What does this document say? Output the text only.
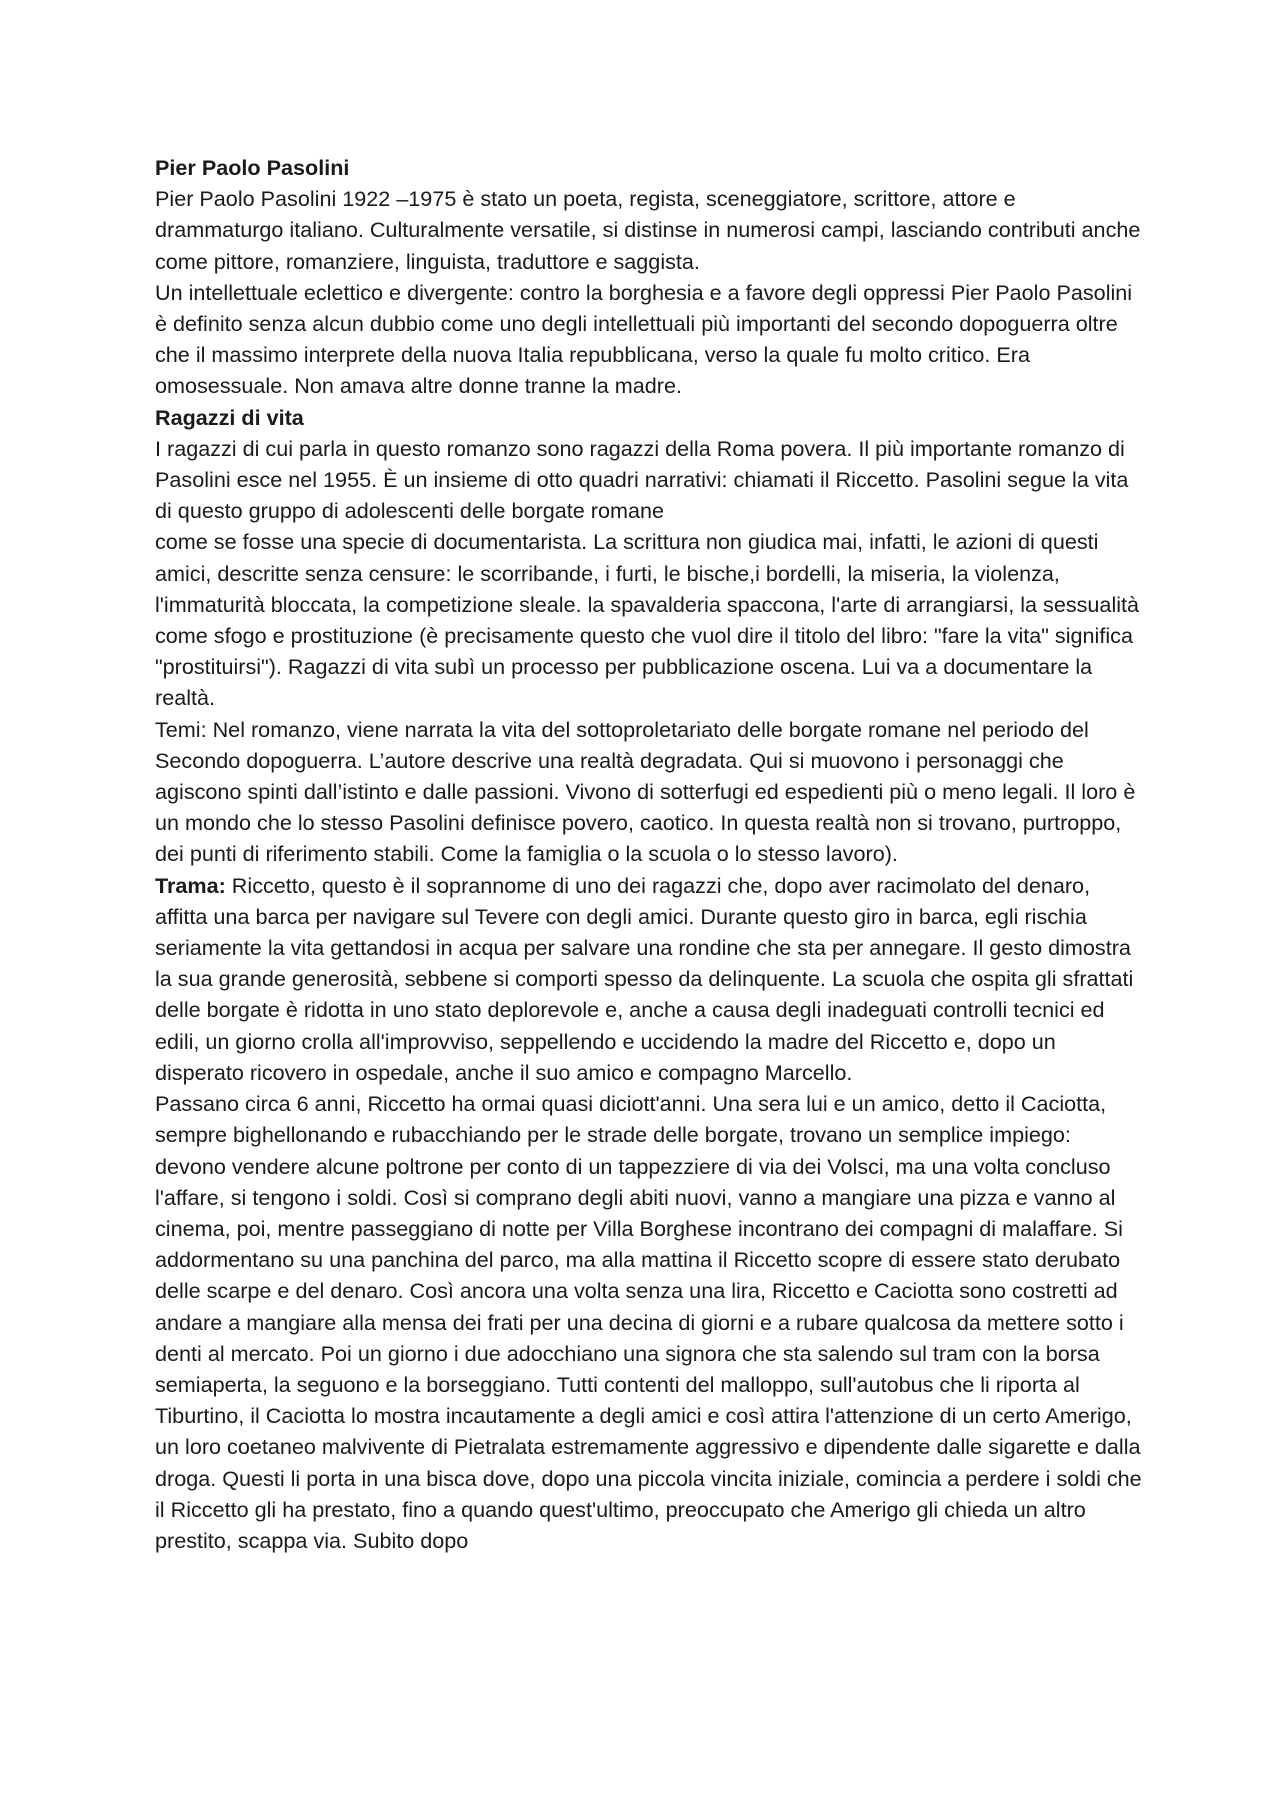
Pier Paolo Pasolini

Pier Paolo Pasolini 1922 –1975 è stato un poeta, regista, sceneggiatore, scrittore, attore e drammaturgo italiano. Culturalmente versatile, si distinse in numerosi campi, lasciando contributi anche come pittore, romanziere, linguista, traduttore e saggista.

Un intellettuale eclettico e divergente: contro la borghesia e a favore degli oppressi Pier Paolo Pasolini è definito senza alcun dubbio come uno degli intellettuali più importanti del secondo dopoguerra oltre che il massimo interprete della nuova Italia repubblicana, verso la quale fu molto critico. Era omosessuale. Non amava altre donne tranne la madre.

Ragazzi di vita

I ragazzi di cui parla in questo romanzo sono ragazzi della Roma povera. Il più importante romanzo di Pasolini esce nel 1955. È un insieme di otto quadri narrativi: chiamati il Riccetto. Pasolini segue la vita di questo gruppo di adolescenti delle borgate romane

come se fosse una specie di documentarista. La scrittura non giudica mai, infatti, le azioni di questi amici, descritte senza censure: le scorribande, i furti, le bische,i bordelli, la miseria, la violenza, l'immaturità bloccata, la competizione sleale. la spavalderia spaccona, l'arte di arrangiarsi, la sessualità come sfogo e prostituzione (è precisamente questo che vuol dire il titolo del libro: "fare la vita" significa "prostituirsi"). Ragazzi di vita subì un processo per pubblicazione oscena. Lui va a documentare la realtà.

Temi: Nel romanzo, viene narrata la vita del sottoproletariato delle borgate romane nel periodo del Secondo dopoguerra. L’autore descrive una realtà degradata. Qui si muovono i personaggi che agiscono spinti dall’istinto e dalle passioni. Vivono di sotterfugi ed espedienti più o meno legali. Il loro è un mondo che lo stesso Pasolini definisce povero, caotico. In questa realtà non si trovano, purtroppo, dei punti di riferimento stabili. Come la famiglia o la scuola o lo stesso lavoro).

Trama: Riccetto, questo è il soprannome di uno dei ragazzi che, dopo aver racimolato del denaro, affitta una barca per navigare sul Tevere con degli amici. Durante questo giro in barca, egli rischia seriamente la vita gettandosi in acqua per salvare una rondine che sta per annegare. Il gesto dimostra la sua grande generosità, sebbene si comporti spesso da delinquente. La scuola che ospita gli sfrattati delle borgate è ridotta in uno stato deplorevole e, anche a causa degli inadeguati controlli tecnici ed edili, un giorno crolla all'improvviso, seppellendo e uccidendo la madre del Riccetto e, dopo un disperato ricovero in ospedale, anche il suo amico e compagno Marcello.

Passano circa 6 anni, Riccetto ha ormai quasi diciott'anni. Una sera lui e un amico, detto il Caciotta, sempre bighellonando e rubacchiando per le strade delle borgate, trovano un semplice impiego: devono vendere alcune poltrone per conto di un tappezziere di via dei Volsci, ma una volta concluso l'affare, si tengono i soldi. Così si comprano degli abiti nuovi, vanno a mangiare una pizza e vanno al cinema, poi, mentre passeggiano di notte per Villa Borghese incontrano dei compagni di malaffare. Si addormentano su una panchina del parco, ma alla mattina il Riccetto scopre di essere stato derubato delle scarpe e del denaro. Così ancora una volta senza una lira, Riccetto e Caciotta sono costretti ad andare a mangiare alla mensa dei frati per una decina di giorni e a rubare qualcosa da mettere sotto i denti al mercato. Poi un giorno i due adocchiano una signora che sta salendo sul tram con la borsa semiaperta, la seguono e la borseggiano. Tutti contenti del malloppo, sull'autobus che li riporta al Tiburtino, il Caciotta lo mostra incautamente a degli amici e così attira l'attenzione di un certo Amerigo, un loro coetaneo malvivente di Pietralata estremamente aggressivo e dipendente dalle sigarette e dalla droga. Questi li porta in una bisca dove, dopo una piccola vincita iniziale, comincia a perdere i soldi che il Riccetto gli ha prestato, fino a quando quest'ultimo, preoccupato che Amerigo gli chieda un altro prestito, scappa via. Subito dopo
